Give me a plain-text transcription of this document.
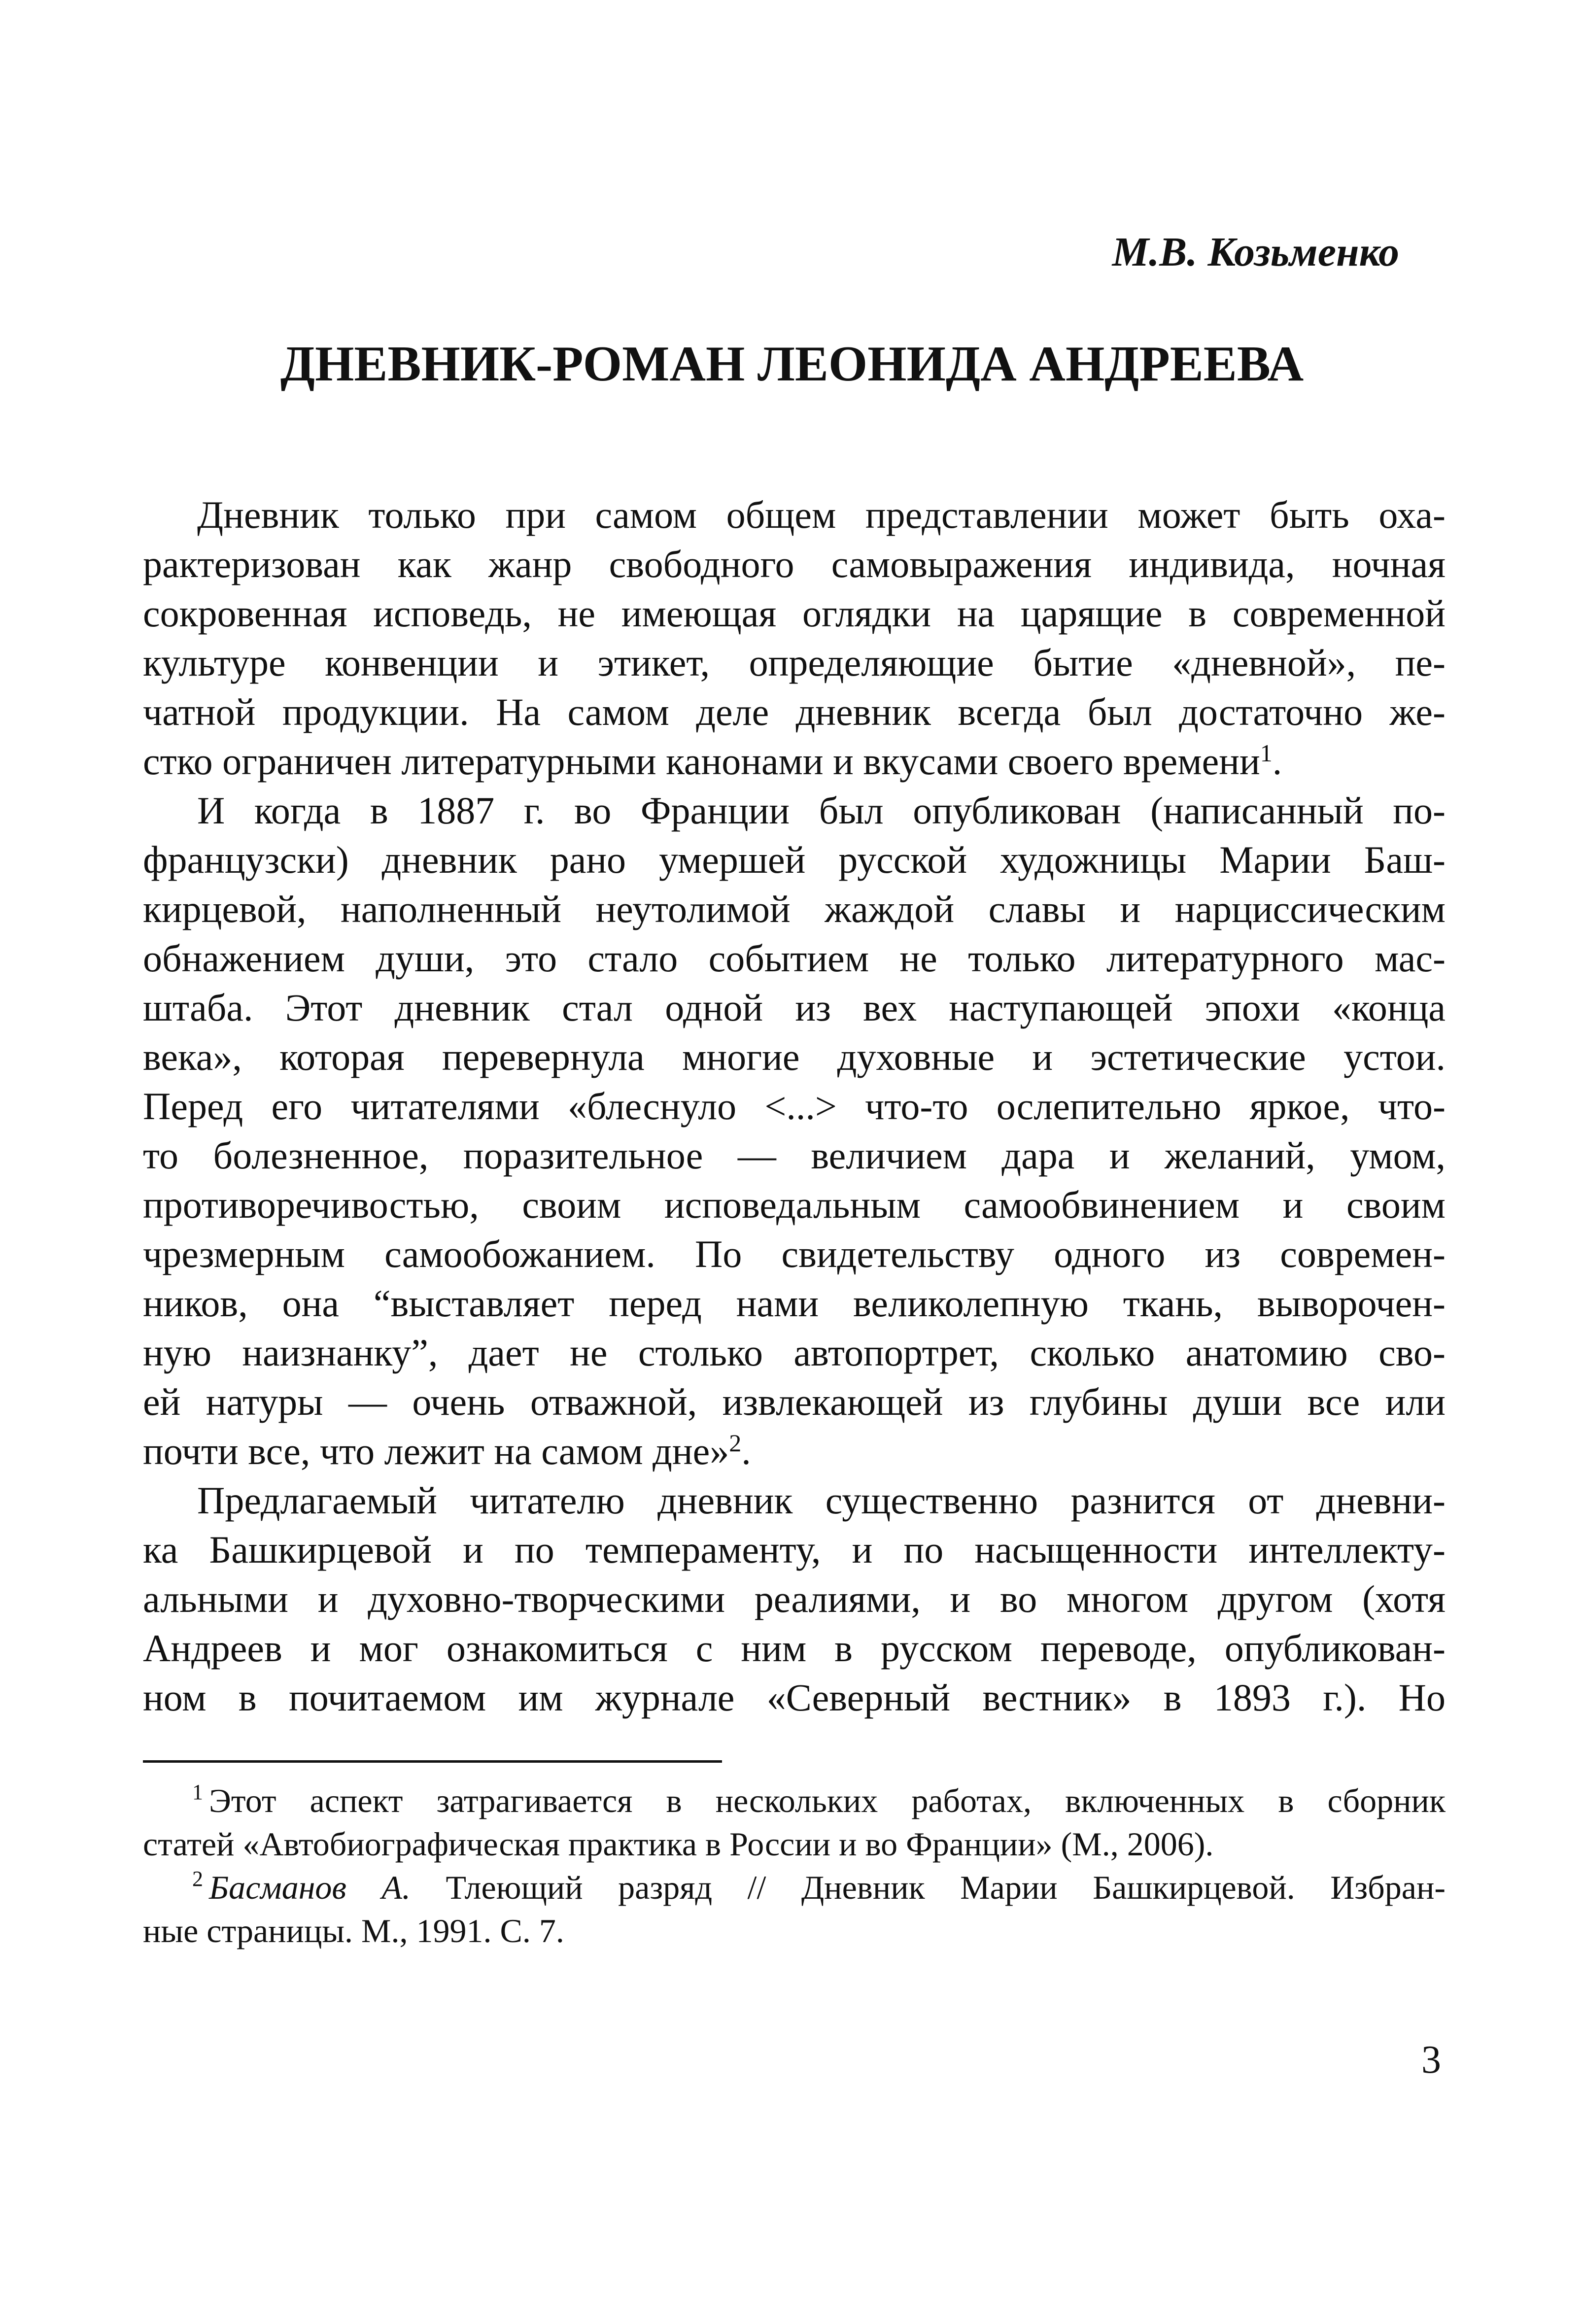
М.В. Козьменко
ДНЕВНИК-РОМАН ЛЕОНИДА АНДРЕЕВА
Дневник только при самом общем представлении может быть оха-
рактеризован как жанр свободного самовыражения индивида, ночная
сокровенная исповедь, не имеющая оглядки на царящие в современной
культуре конвенции и этикет, определяющие бытие «дневной», пе-
чатной продукции. На самом деле дневник всегда был достаточно же-
стко ограничен литературными канонами и вкусами своего времени$^1$.
И когда в 1887 г. во Франции был опубликован (написанный по-
французски) дневник рано умершей русской художницы Марии Баш-
кирцевой, наполненный неутолимой жаждой славы и нарциссическим
обнажением души, это стало событием не только литературного мас-
штаба. Этот дневник стал одной из вех наступающей эпохи «конца
века», которая перевернула многие духовные и эстетические устои.
Перед его читателями «блеснуло <...> что-то ослепительно яркое, что-
то болезненное, поразительное — величием дара и желаний, умом,
противоречивостью, своим исповедальным самообвинением и своим
чрезмерным самообожанием. По свидетельству одного из современ-
ников, она “выставляет перед нами великолепную ткань, выворочен-
ную наизнанку”, дает не столько автопортрет, сколько анатомию сво-
ей натуры — очень отважной, извлекающей из глубины души все или
почти все, что лежит на самом дне»$^2$.
Предлагаемый читателю дневник существенно разнится от дневни-
ка Башкирцевой и по темпераменту, и по насыщенности интеллекту-
альными и духовно-творческими реалиями, и во многом другом (хотя
Андреев и мог ознакомиться с ним в русском переводе, опубликован-
ном в почитаемом им журнале «Северный вестник» в 1893 г.). Но
$^1$ Этот аспект затрагивается в нескольких работах, включенных в сборник
статей «Автобиографическая практика в России и во Франции» (М., 2006).
$^2$ Басманов А. Тлеющий разряд // Дневник Марии Башкирцевой. Избран-
ные страницы. М., 1991. С. 7.
3
